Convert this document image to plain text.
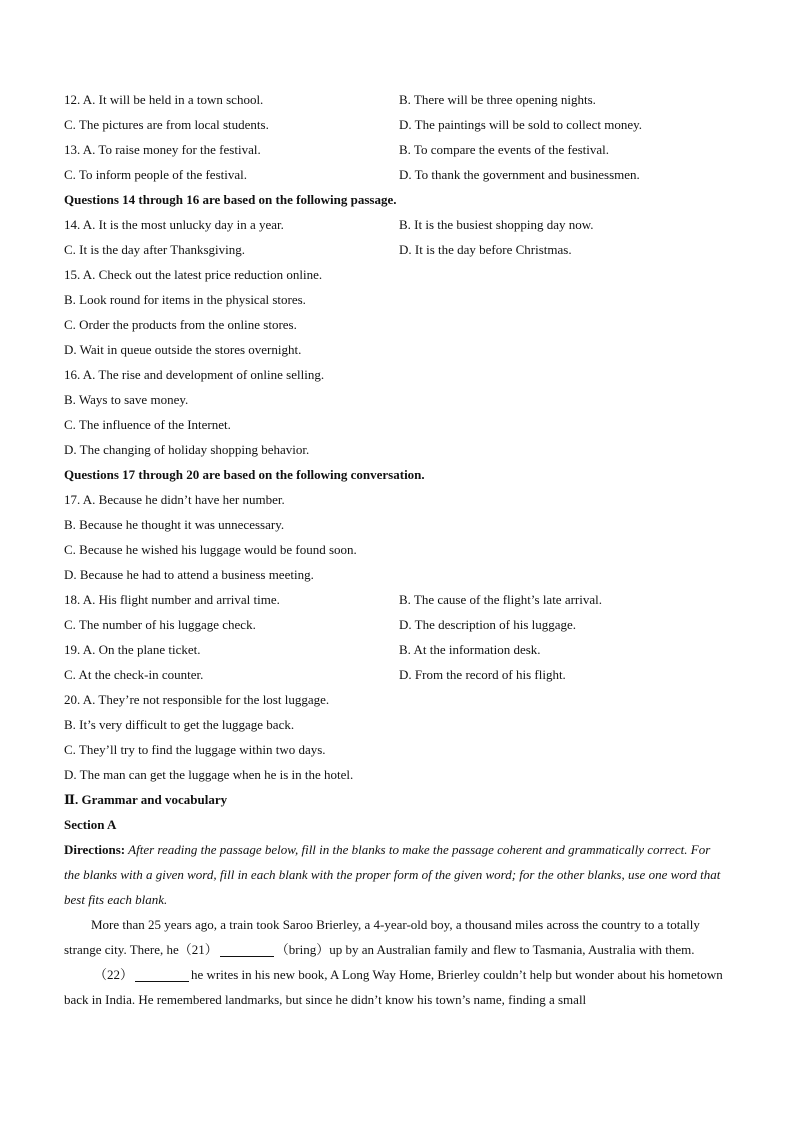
12. A. It will be held in a town school.	B. There will be three opening nights.
C. The pictures are from local students.	D. The paintings will be sold to collect money.
13. A. To raise money for the festival.	B. To compare the events of the festival.
C. To inform people of the festival.	D. To thank the government and businessmen.
Questions 14 through 16 are based on the following passage.
14. A. It is the most unlucky day in a year.	B. It is the busiest shopping day now.
C. It is the day after Thanksgiving.	D. It is the day before Christmas.
15. A. Check out the latest price reduction online.
B. Look round for items in the physical stores.
C. Order the products from the online stores.
D. Wait in queue outside the stores overnight.
16. A. The rise and development of online selling.
B. Ways to save money.
C. The influence of the Internet.
D. The changing of holiday shopping behavior.
Questions 17 through 20 are based on the following conversation.
17. A. Because he didn’t have her number.
B. Because he thought it was unnecessary.
C. Because he wished his luggage would be found soon.
D. Because he had to attend a business meeting.
18. A. His flight number and arrival time.	B. The cause of the flight’s late arrival.
C. The number of his luggage check.	D. The description of his luggage.
19. A. On the plane ticket.	B. At the information desk.
C. At the check-in counter.	D. From the record of his flight.
20. A. They’re not responsible for the lost luggage.
B. It’s very difficult to get the luggage back.
C. They’ll try to find the luggage within two days.
D. The man can get the luggage when he is in the hotel.
Ⅱ. Grammar and vocabulary
Section A
Directions: After reading the passage below, fill in the blanks to make the passage coherent and grammatically correct. For the blanks with a given word, fill in each blank with the proper form of the given word; for the other blanks, use one word that best fits each blank.
More than 25 years ago, a train took Saroo Brierley, a 4-year-old boy, a thousand miles across the country to a totally strange city. There, he（21）	（bring）up by an Australian family and flew to Tasmania, Australia with them.
（22）	he writes in his new book, A Long Way Home, Brierley couldn’t help but wonder about his hometown back in India. He remembered landmarks, but since he didn’t know his town’s name, finding a small
